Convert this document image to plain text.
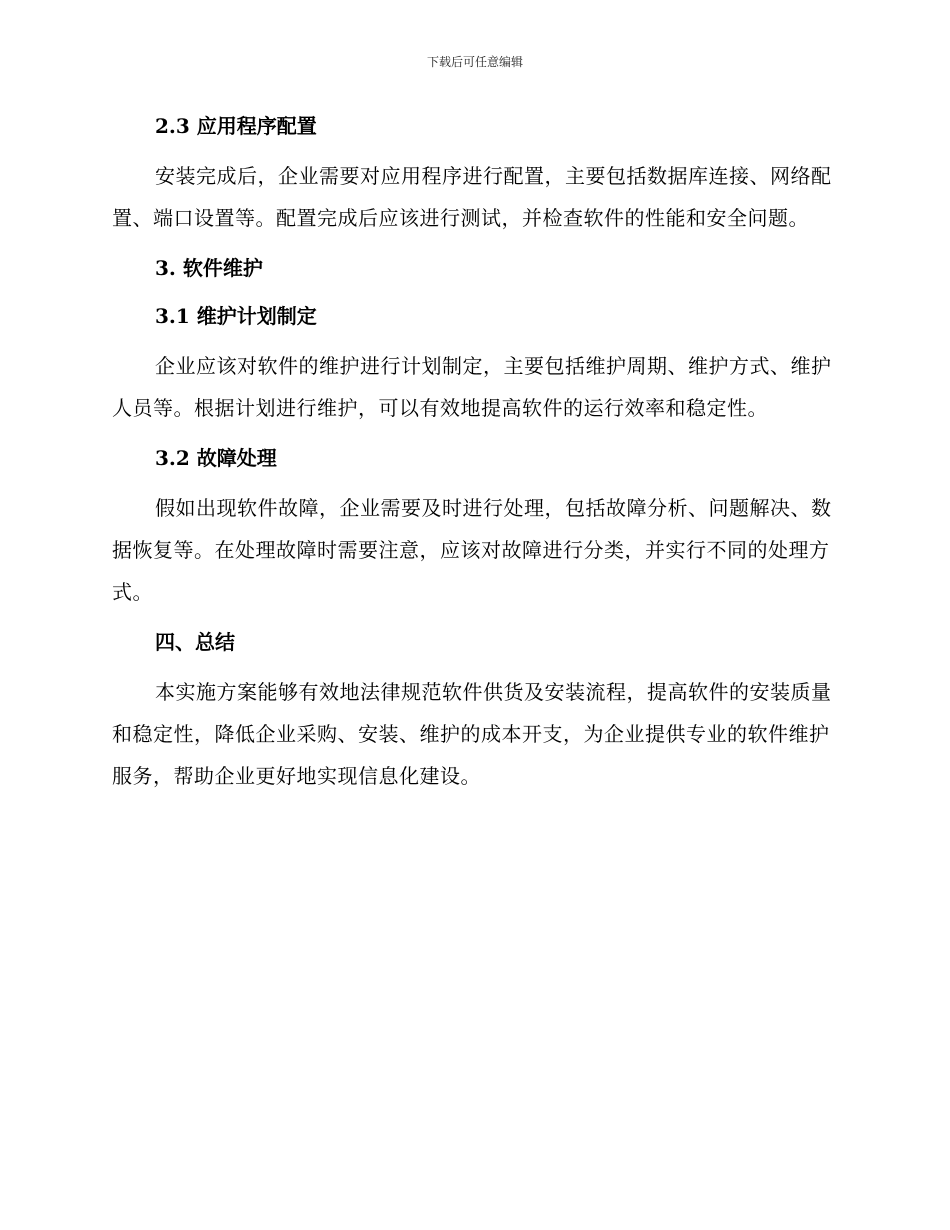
下载后可任意编辑
2.3 应用程序配置

安装完成后，企业需要对应用程序进行配置，主要包括数据库连接、网络配置、端口设置等。配置完成后应该进行测试，并检查软件的性能和安全问题。

3. 软件维护
3.1 维护计划制定

企业应该对软件的维护进行计划制定，主要包括维护周期、维护方式、维护人员等。根据计划进行维护，可以有效地提高软件的运行效率和稳定性。

3.2 故障处理

假如出现软件故障，企业需要及时进行处理，包括故障分析、问题解决、数据恢复等。在处理故障时需要注意，应该对故障进行分类，并实行不同的处理方式。

四、总结

本实施方案能够有效地法律规范软件供货及安装流程，提高软件的安装质量和稳定性，降低企业采购、安装、维护的成本开支，为企业提供专业的软件维护服务，帮助企业更好地实现信息化建设。
